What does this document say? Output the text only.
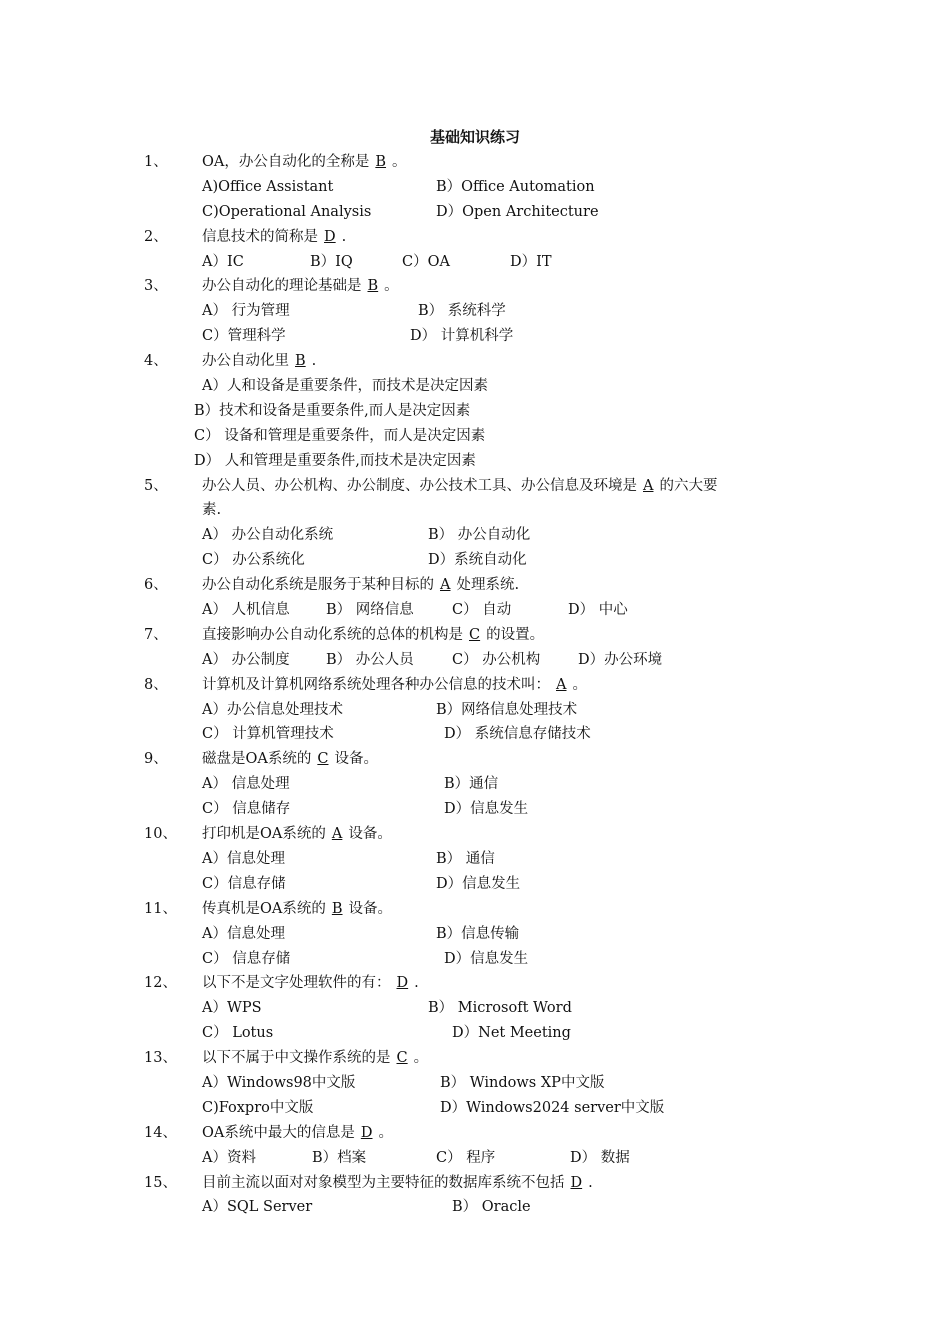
基础知识练习
1、 OA，办公自动化的全称是 B 。
A)Office Assistant	B）Office Automation
C)Operational Analysis	D）Open Architecture
2、 信息技术的简称是 D .
A）IC	B）IQ	C）OA	D）IT
3、 办公自动化的理论基础是 B 。
A） 行为管理	B） 系统科学
C）管理科学	D） 计算机科学
4、 办公自动化里 B .
A）人和设备是重要条件，而技术是决定因素
B）技术和设备是重要条件,而人是决定因素
C） 设备和管理是重要条件，而人是决定因素
D） 人和管理是重要条件,而技术是决定因素
5、 办公人员、办公机构、办公制度、办公技术工具、办公信息及环境是 A 的六大要
素.
A） 办公自动化系统	B） 办公自动化
C） 办公系统化	D）系统自动化
6、 办公自动化系统是服务于某种目标的 A 处理系统.
A） 人机信息	B） 网络信息	C） 自动	D） 中心
7、 直接影响办公自动化系统的总体的机构是 C 的设置。
A） 办公制度	B） 办公人员	C） 办公机构	D）办公环境
8、 计算机及计算机网络系统处理各种办公信息的技术叫： A 。
A）办公信息处理技术	B）网络信息处理技术
C） 计算机管理技术	D） 系统信息存储技术
9、 磁盘是OA系统的 C 设备。
A） 信息处理	B）通信
C） 信息储存	D）信息发生
10、 打印机是OA系统的 A 设备。
A）信息处理	B） 通信
C）信息存储	D）信息发生
11、 传真机是OA系统的 B 设备。
A）信息处理	B）信息传输
C） 信息存储	D）信息发生
12、 以下不是文字处理软件的有： D .
A）WPS	B） Microsoft Word
C） Lotus	D）Net Meeting
13、 以下不属于中文操作系统的是 C 。
A）Windows98中文版	B） Windows XP中文版
C)Foxpro中文版	D）Windows2024 server中文版
14、 OA系统中最大的信息是 D 。
A）资料	B）档案	C） 程序	D） 数据
15、 目前主流以面对对象模型为主要特征的数据库系统不包括 D .
A）SQL Server	B） Oracle
